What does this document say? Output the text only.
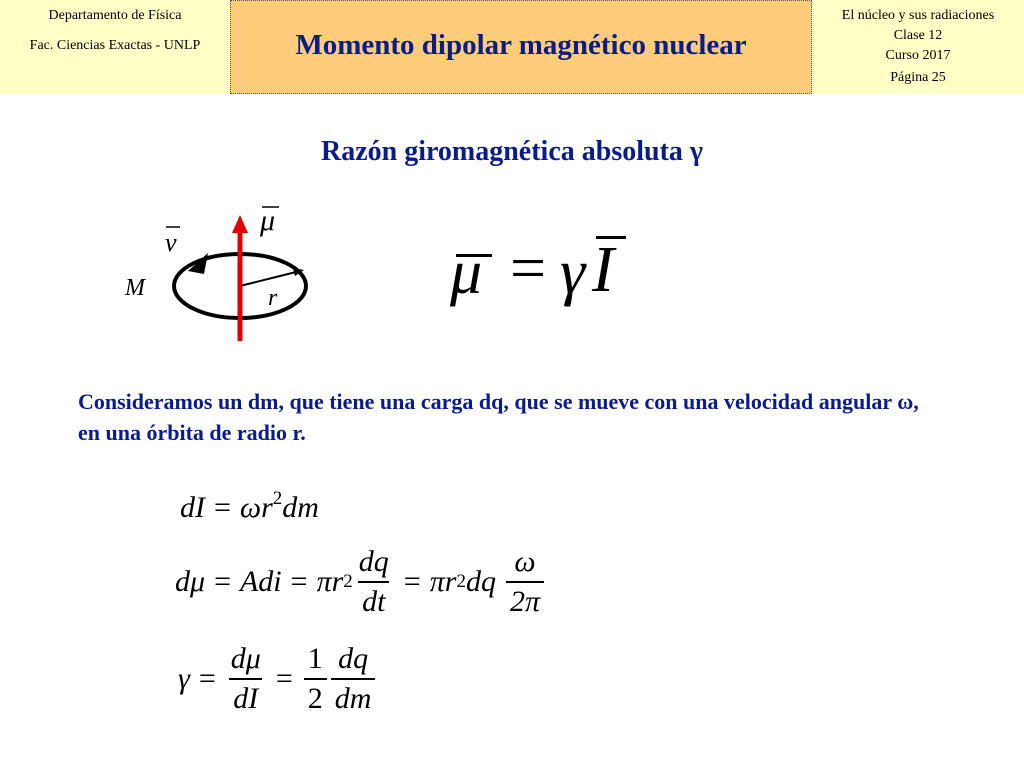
Departamento de Física
Fac. Ciencias Exactas - UNLP	Momento dipolar magnético nuclear
El núcleo y sus radiaciones
Clase 12
Curso 2017
Página 25
Razón giromagnética absoluta γ
μ
v
M	r	μ = γ I
Consideramos un dm, que tiene una carga dq, que se mueve con una velocidad angular ω, en una órbita de radio r.
dI = $\omega r^2dm$
dμ = Adi = πr $2 \frac{dq}{dt} = \pi r$ 2 dq $\frac{\omega}{2\pi}$
$\gamma = \frac{d\mu}{dI} = \frac{1}{2} \frac{dq}{dm}$
